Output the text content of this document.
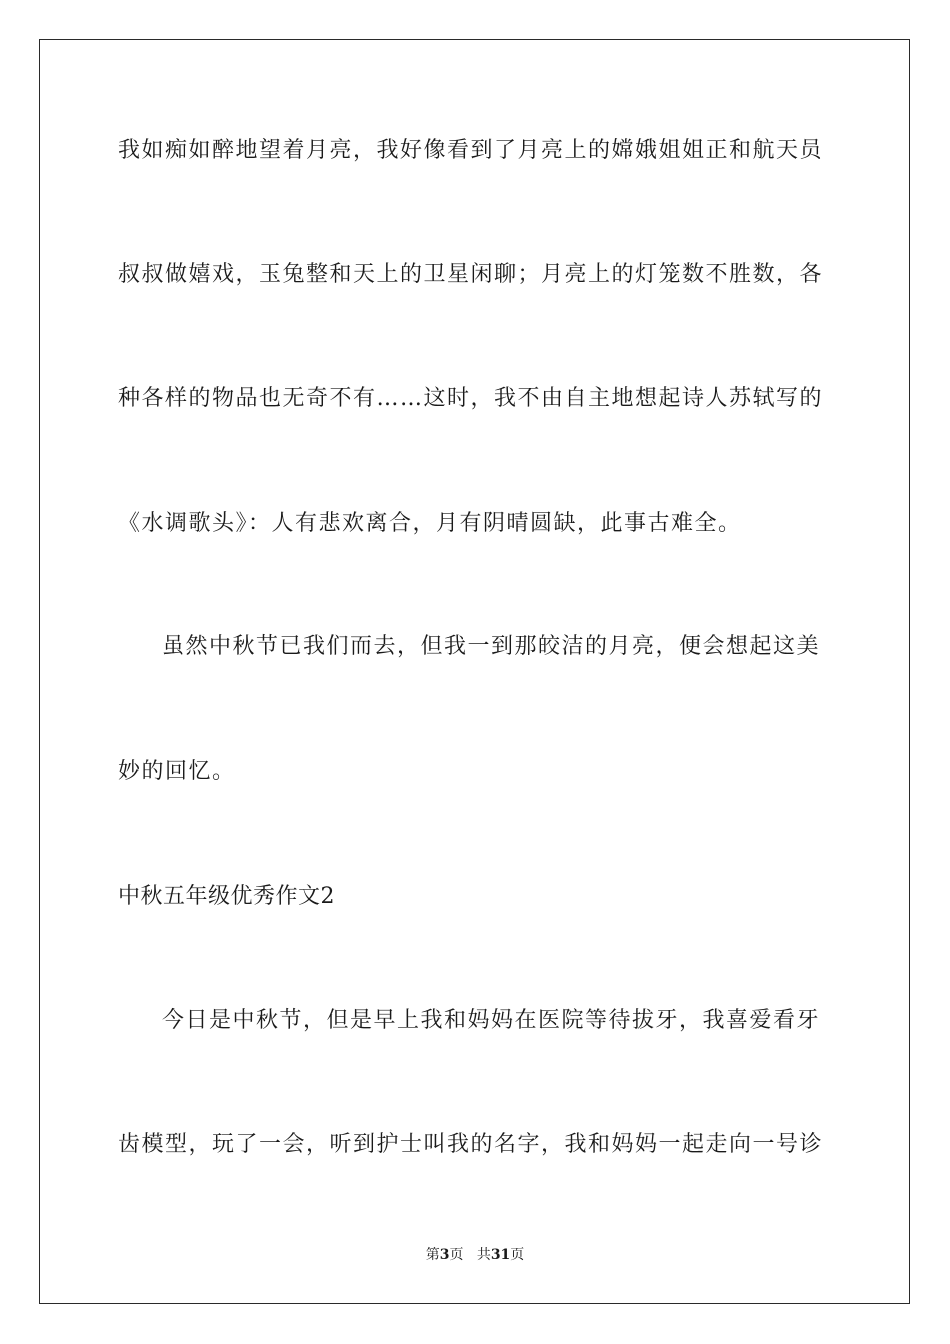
我如痴如醉地望着月亮，我好像看到了月亮上的嫦娥姐姐正和航天员
叔叔做嬉戏，玉兔整和天上的卫星闲聊；月亮上的灯笼数不胜数，各
种各样的物品也无奇不有……这时，我不由自主地想起诗人苏轼写的
《水调歌头》：人有悲欢离合，月有阴晴圆缺，此事古难全。
虽然中秋节已我们而去，但我一到那皎洁的月亮，便会想起这美
妙的回忆。
中秋五年级优秀作文2
今日是中秋节，但是早上我和妈妈在医院等待拔牙，我喜爱看牙
齿模型，玩了一会，听到护士叫我的名字，我和妈妈一起走向一号诊
第3页 共31页
